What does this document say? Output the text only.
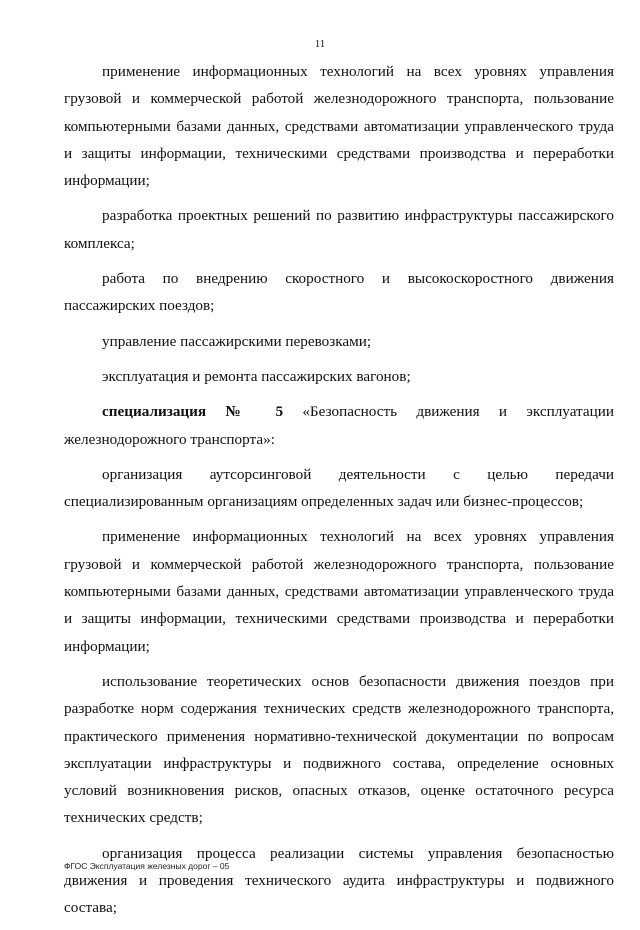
11

применение информационных технологий на всех уровнях управления грузовой и коммерческой работой железнодорожного транспорта, пользование компьютерными базами данных, средствами автоматизации управленческого труда и защиты информации, техническими средствами производства и переработки информации;

разработка проектных решений по развитию инфраструктуры пассажирского комплекса;

работа по внедрению скоростного и высокоскоростного движения пассажирских поездов;

управление пассажирскими перевозками;

эксплуатация и ремонта пассажирских вагонов;

специализация № 5 «Безопасность движения и эксплуатации железнодорожного транспорта»:

организация аутсорсинговой деятельности с целью передачи специализированным организациям определенных задач или бизнес-процессов;

применение информационных технологий на всех уровнях управления грузовой и коммерческой работой железнодорожного транспорта, пользование компьютерными базами данных, средствами автоматизации управленческого труда и защиты информации, техническими средствами производства и переработки информации;

использование теоретических основ безопасности движения поездов при разработке норм содержания технических средств железнодорожного транспорта, практического применения нормативно-технической документации по вопросам эксплуатации инфраструктуры и подвижного состава, определение основных условий возникновения рисков, опасных отказов, оценке остаточного ресурса технических средств;

организация процесса реализации системы управления безопасностью движения и проведения технического аудита инфраструктуры и подвижного состава;

ФГОС Эксплуатация железных дорог – 05
